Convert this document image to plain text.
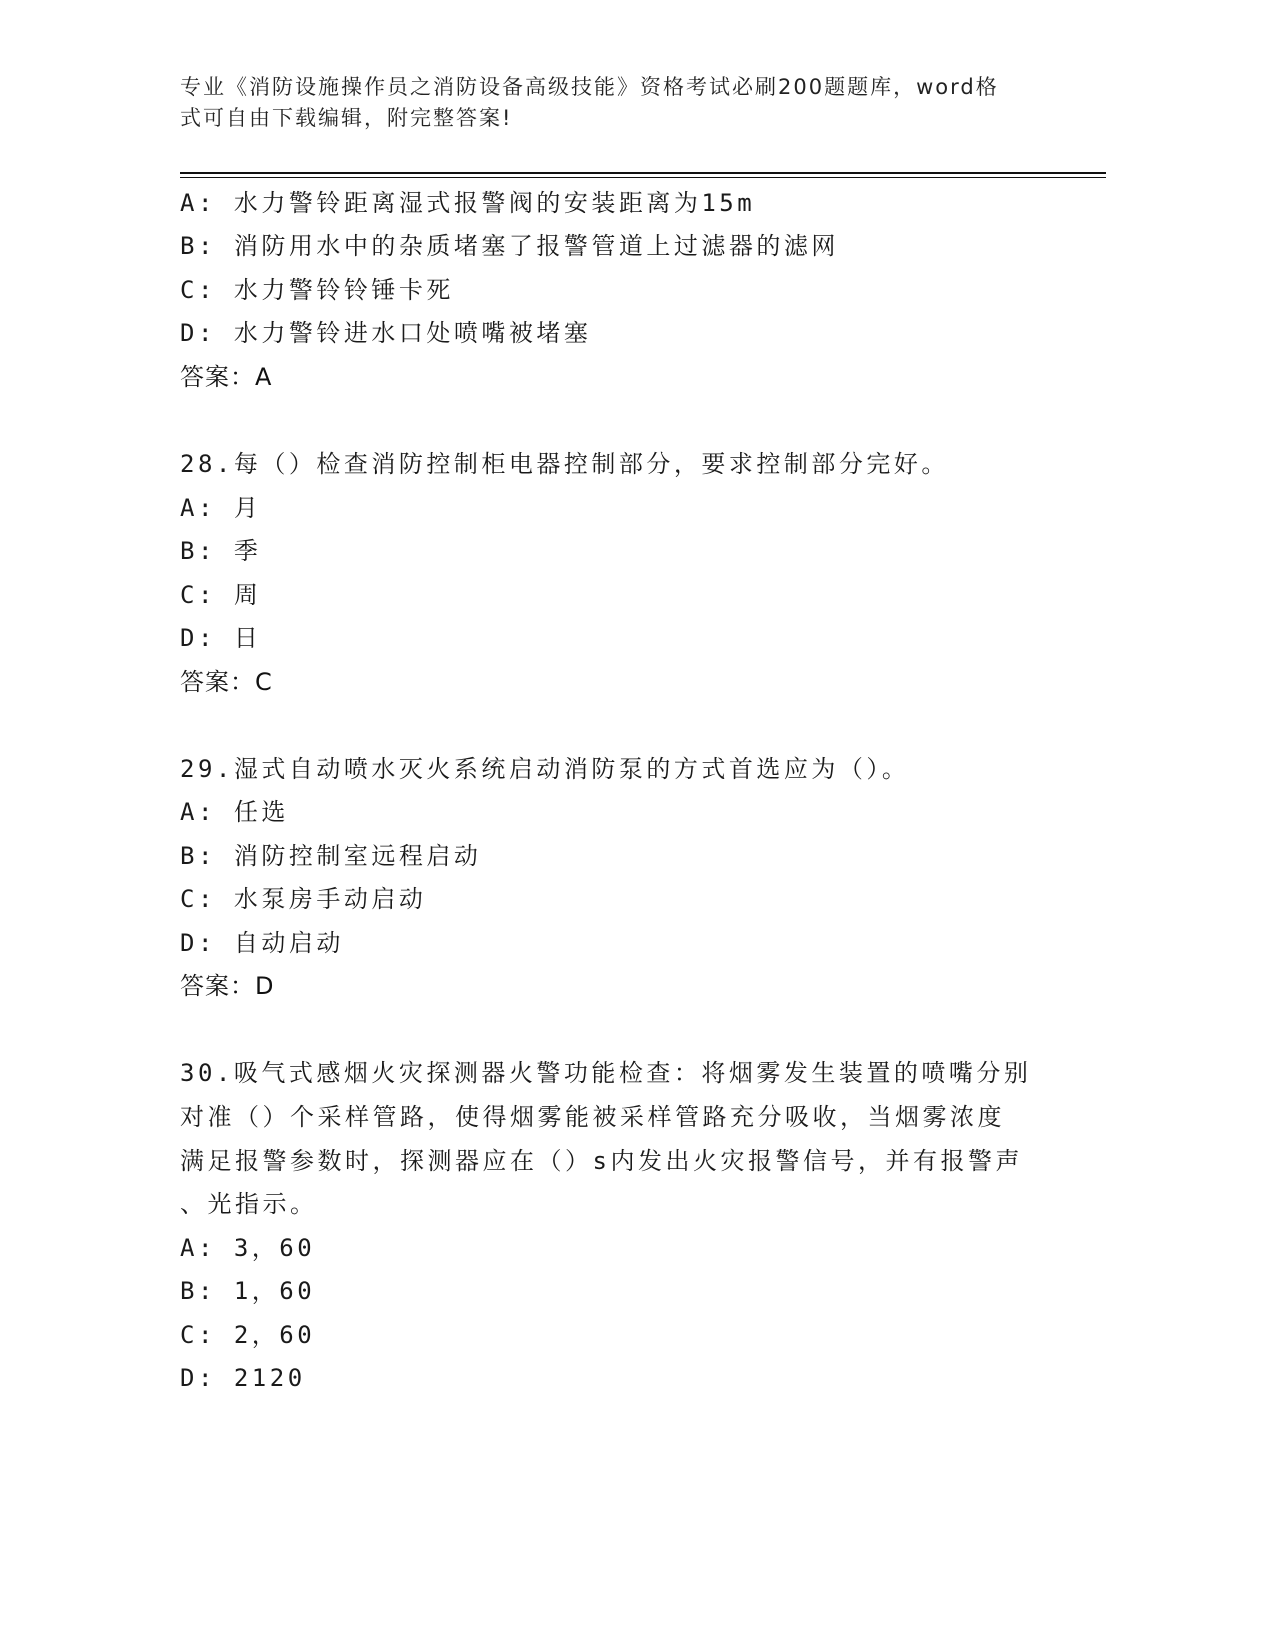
专业《消防设施操作员之消防设备高级技能》资格考试必刷200题题库，word格
式可自由下载编辑，附完整答案!
A: 水力警铃距离湿式报警阀的安装距离为15m
B: 消防用水中的杂质堵塞了报警管道上过滤器的滤网
C: 水力警铃铃锤卡死
D: 水力警铃进水口处喷嘴被堵塞
答案：A
28.每（）检查消防控制柜电器控制部分，要求控制部分完好。
A: 月
B: 季
C: 周
D: 日
答案：C
29.湿式自动喷水灭火系统启动消防泵的方式首选应为（）。
A: 任选
B: 消防控制室远程启动
C: 水泵房手动启动
D: 自动启动
答案：D
30.吸气式感烟火灾探测器火警功能检查：将烟雾发生装置的喷嘴分别
对准（）个采样管路，使得烟雾能被采样管路充分吸收，当烟雾浓度
满足报警参数时，探测器应在（）s内发出火灾报警信号，并有报警声
、光指示。
A: 3，60
B: 1，60
C: 2，60
D: 2120
